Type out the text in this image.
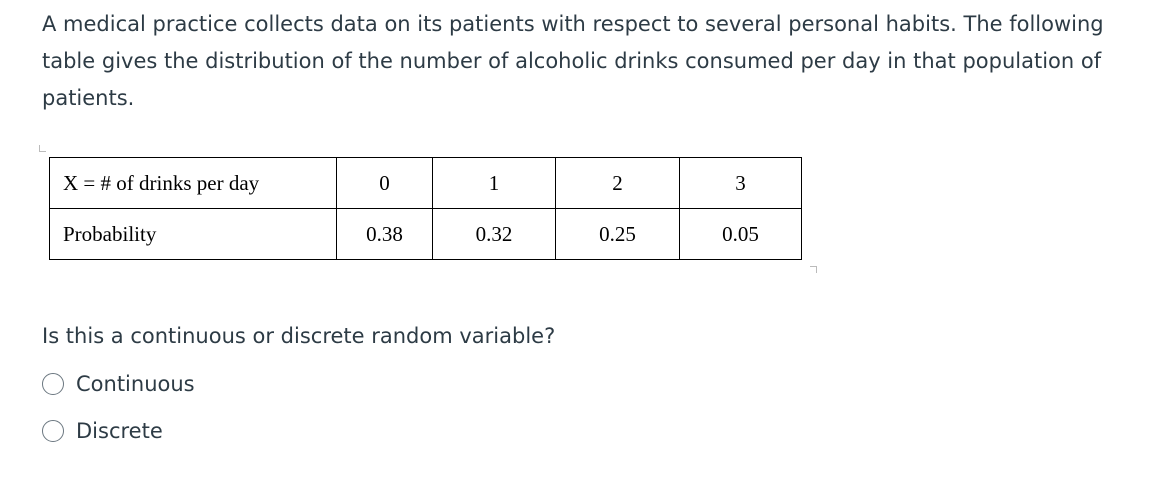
A medical practice collects data on its patients with respect to several personal habits. The following table gives the distribution of the number of alcoholic drinks consumed per day in that population of patients.

X = # of drinks per day	0	1	2	3
Probability	0.38	0.32	0.25	0.05

Is this a continuous or discrete random variable?

Continuous
Discrete
